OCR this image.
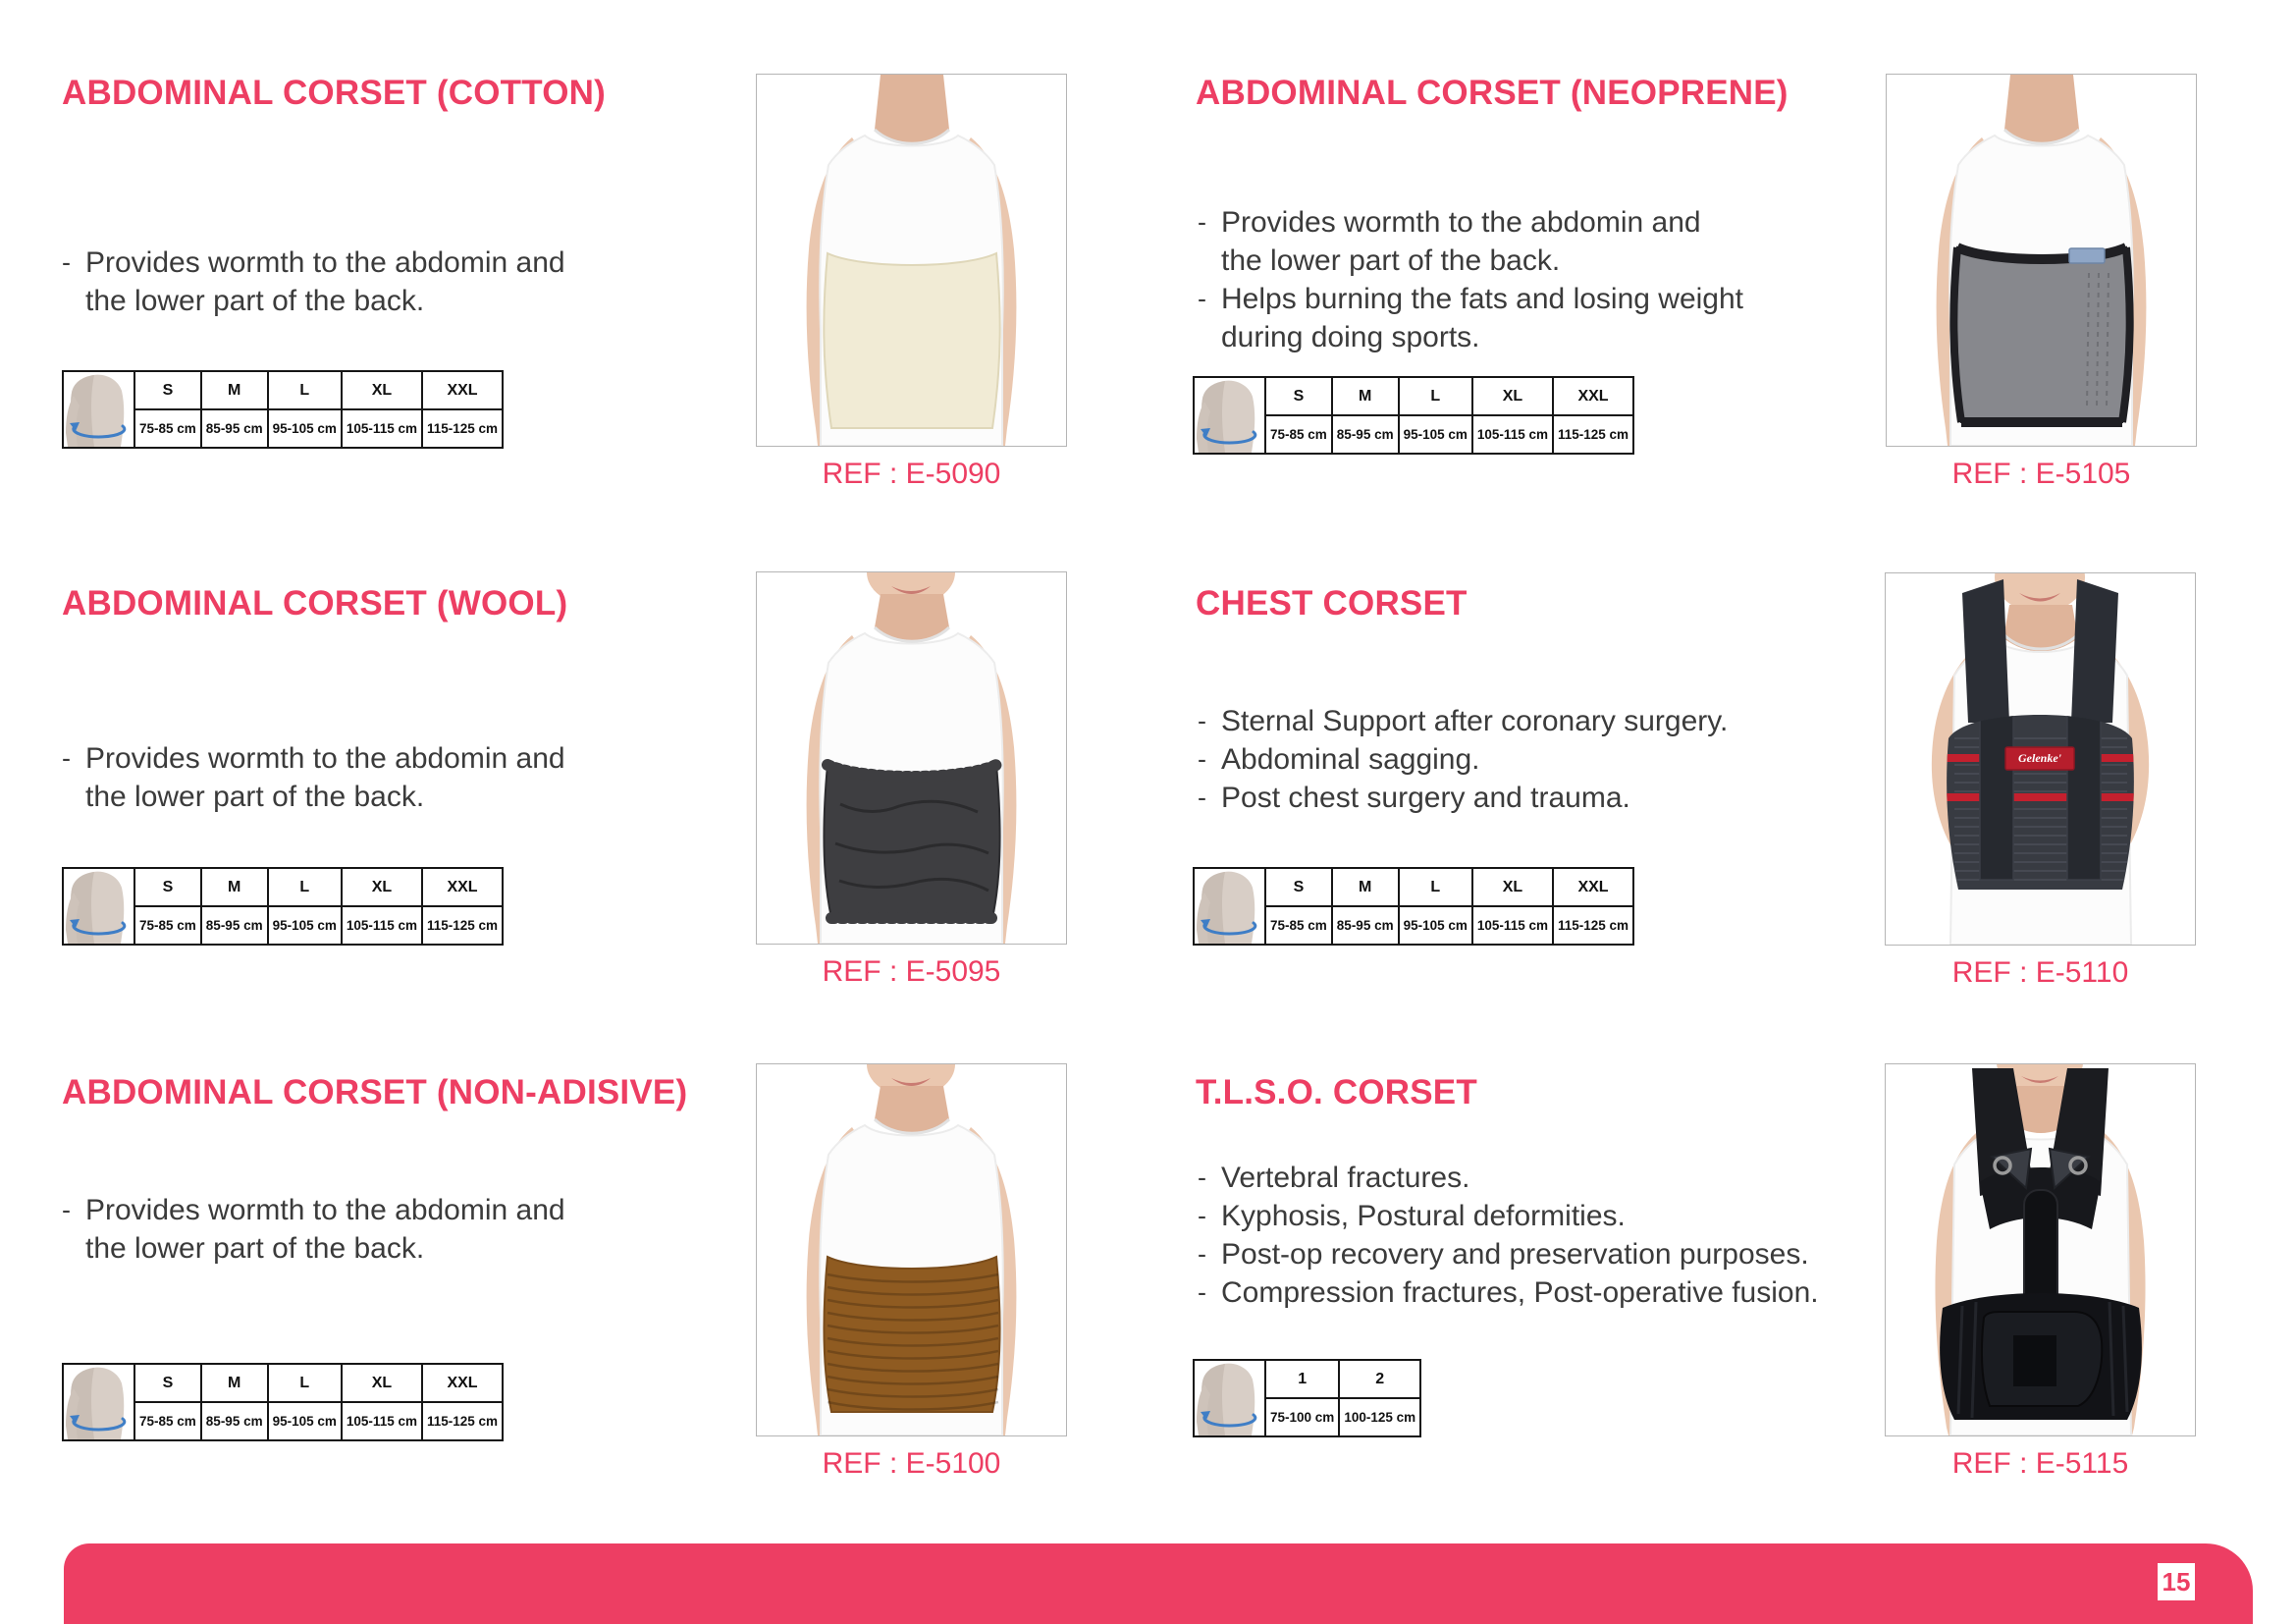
ABDOMINAL CORSET (COTTON)
- Provides wormth to the abdomin and
the lower part of the back.
	S	M	L	XL	XXL
	75-85 cm	85-95 cm	95-105 cm	105-115 cm	115-125 cm
REF : E-5090
ABDOMINAL CORSET (NEOPRENE)
- Provides wormth to the abdomin and
the lower part of the back.
- Helps burning the fats and losing weight
during doing sports.
	S	M	L	XL	XXL
	75-85 cm	85-95 cm	95-105 cm	105-115 cm	115-125 cm
REF : E-5105
ABDOMINAL CORSET (WOOL)
- Provides wormth to the abdomin and
the lower part of the back.
	S	M	L	XL	XXL
	75-85 cm	85-95 cm	95-105 cm	105-115 cm	115-125 cm
REF : E-5095
CHEST CORSET
- Sternal Support after coronary surgery.
- Abdominal sagging.
- Post chest surgery and trauma.
	S	M	L	XL	XXL
	75-85 cm	85-95 cm	95-105 cm	105-115 cm	115-125 cm
Gelenke'
REF : E-5110
ABDOMINAL CORSET (NON-ADISIVE)
- Provides wormth to the abdomin and
the lower part of the back.
	S	M	L	XL	XXL
	75-85 cm	85-95 cm	95-105 cm	105-115 cm	115-125 cm
REF : E-5100
T.L.S.O. CORSET
- Vertebral fractures.
- Kyphosis, Postural deformities.
- Post-op recovery and preservation purposes.
- Compression fractures, Post-operative fusion.
	1	2
	75-100 cm	100-125 cm
REF : E-5115
15
